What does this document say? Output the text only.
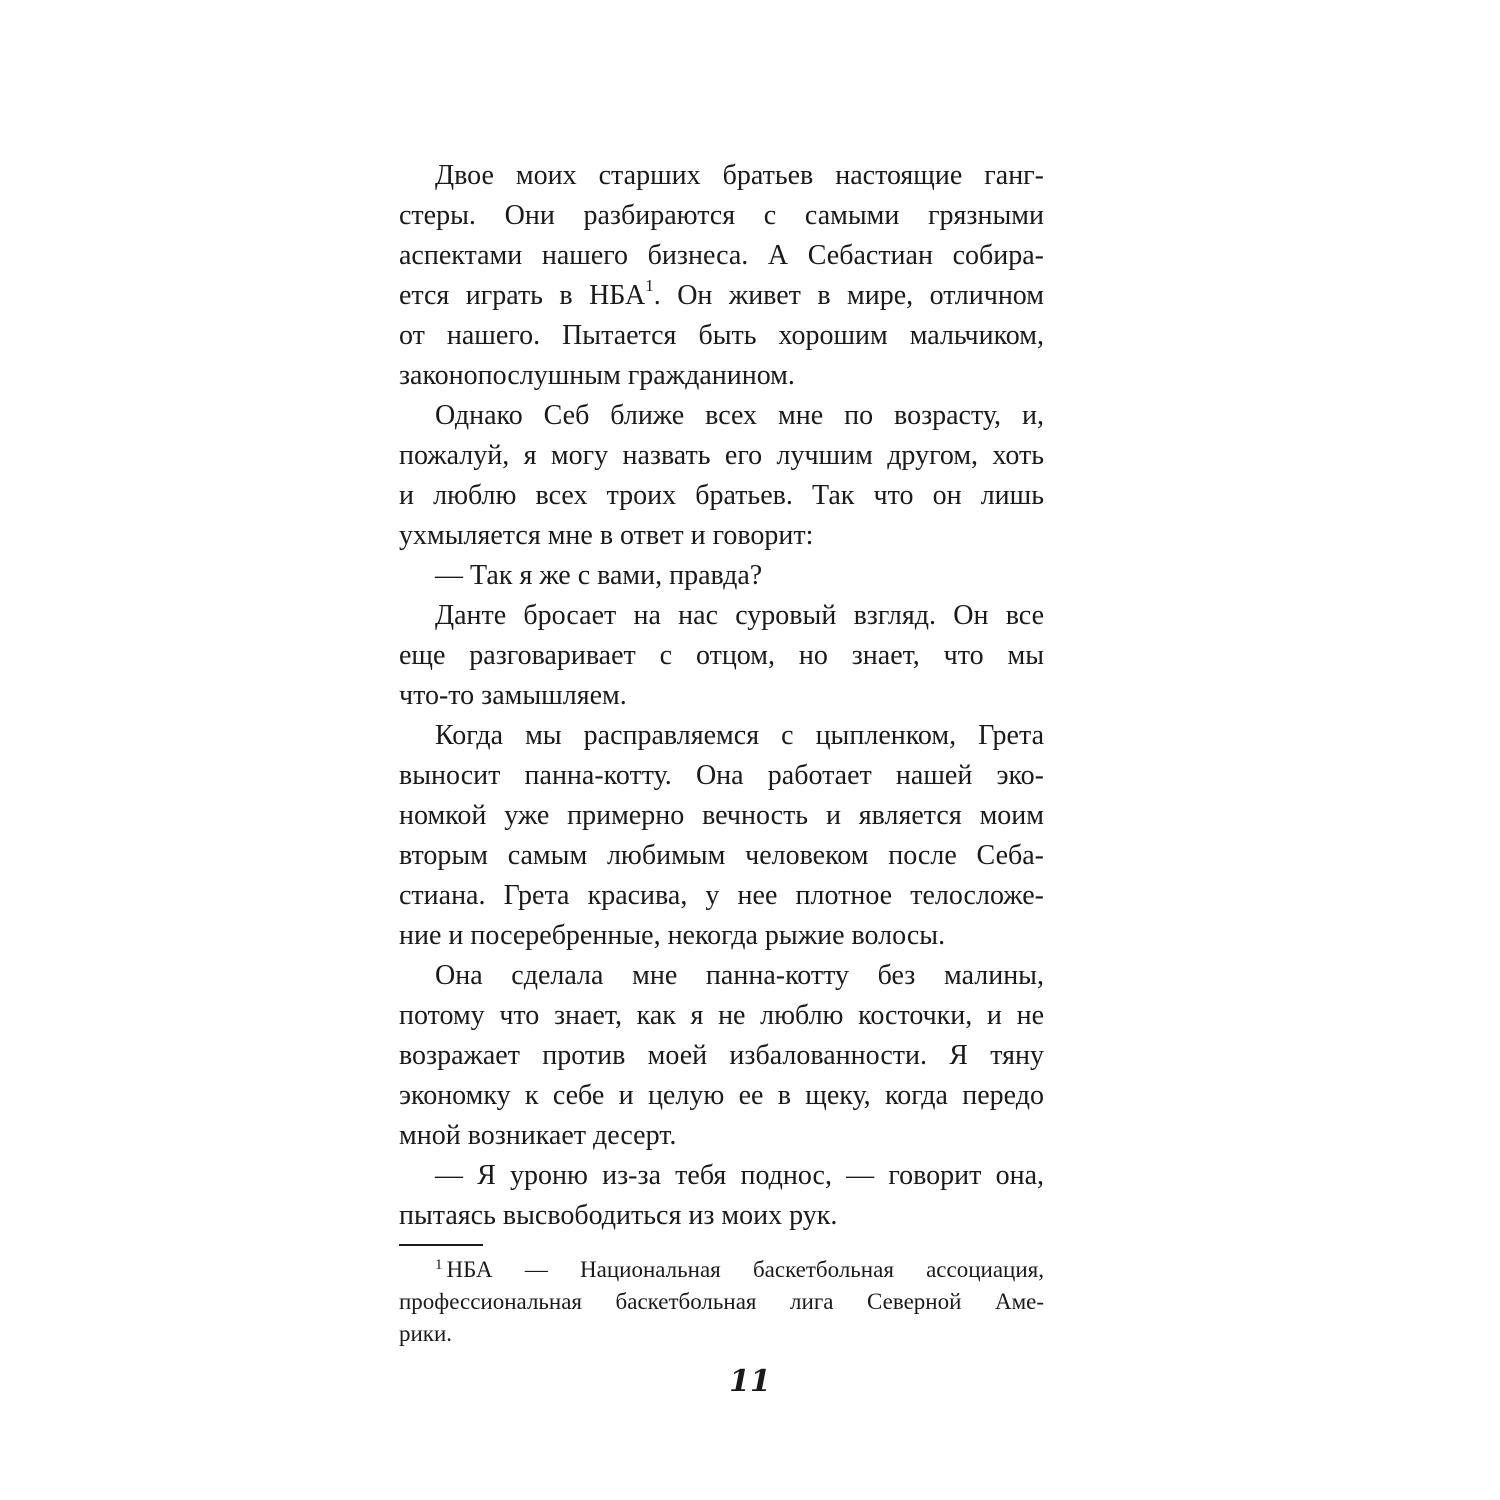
Двое моих старших братьев настоящие ганг-
стеры. Они разбираются с самыми грязными
аспектами нашего бизнеса. А Себастиан собира-
ется играть в НБА$^1$. Он живет в мире, отличном
от нашего. Пытается быть хорошим мальчиком,
законопослушным гражданином.
Однако Себ ближе всех мне по возрасту, и,
пожалуй, я могу назвать его лучшим другом, хоть
и люблю всех троих братьев. Так что он лишь
ухмыляется мне в ответ и говорит:
— Так я же с вами, правда?
Данте бросает на нас суровый взгляд. Он все
еще разговаривает с отцом, но знает, что мы
что-то замышляем.
Когда мы расправляемся с цыпленком, Грета
выносит панна-котту. Она работает нашей эко-
номкой уже примерно вечность и является моим
вторым самым любимым человеком после Себа-
стиана. Грета красива, у нее плотное телосложе-
ние и посеребренные, некогда рыжие волосы.
Она сделала мне панна-котту без малины,
потому что знает, как я не люблю косточки, и не
возражает против моей избалованности. Я тяну
экономку к себе и целую ее в щеку, когда передо
мной возникает десерт.
— Я уроню из-за тебя поднос, — говорит она,
пытаясь высвободиться из моих рук.
$^1$ НБА — Национальная баскетбольная ассоциация,
профессиональная баскетбольная лига Северной Аме-
рики.
11
